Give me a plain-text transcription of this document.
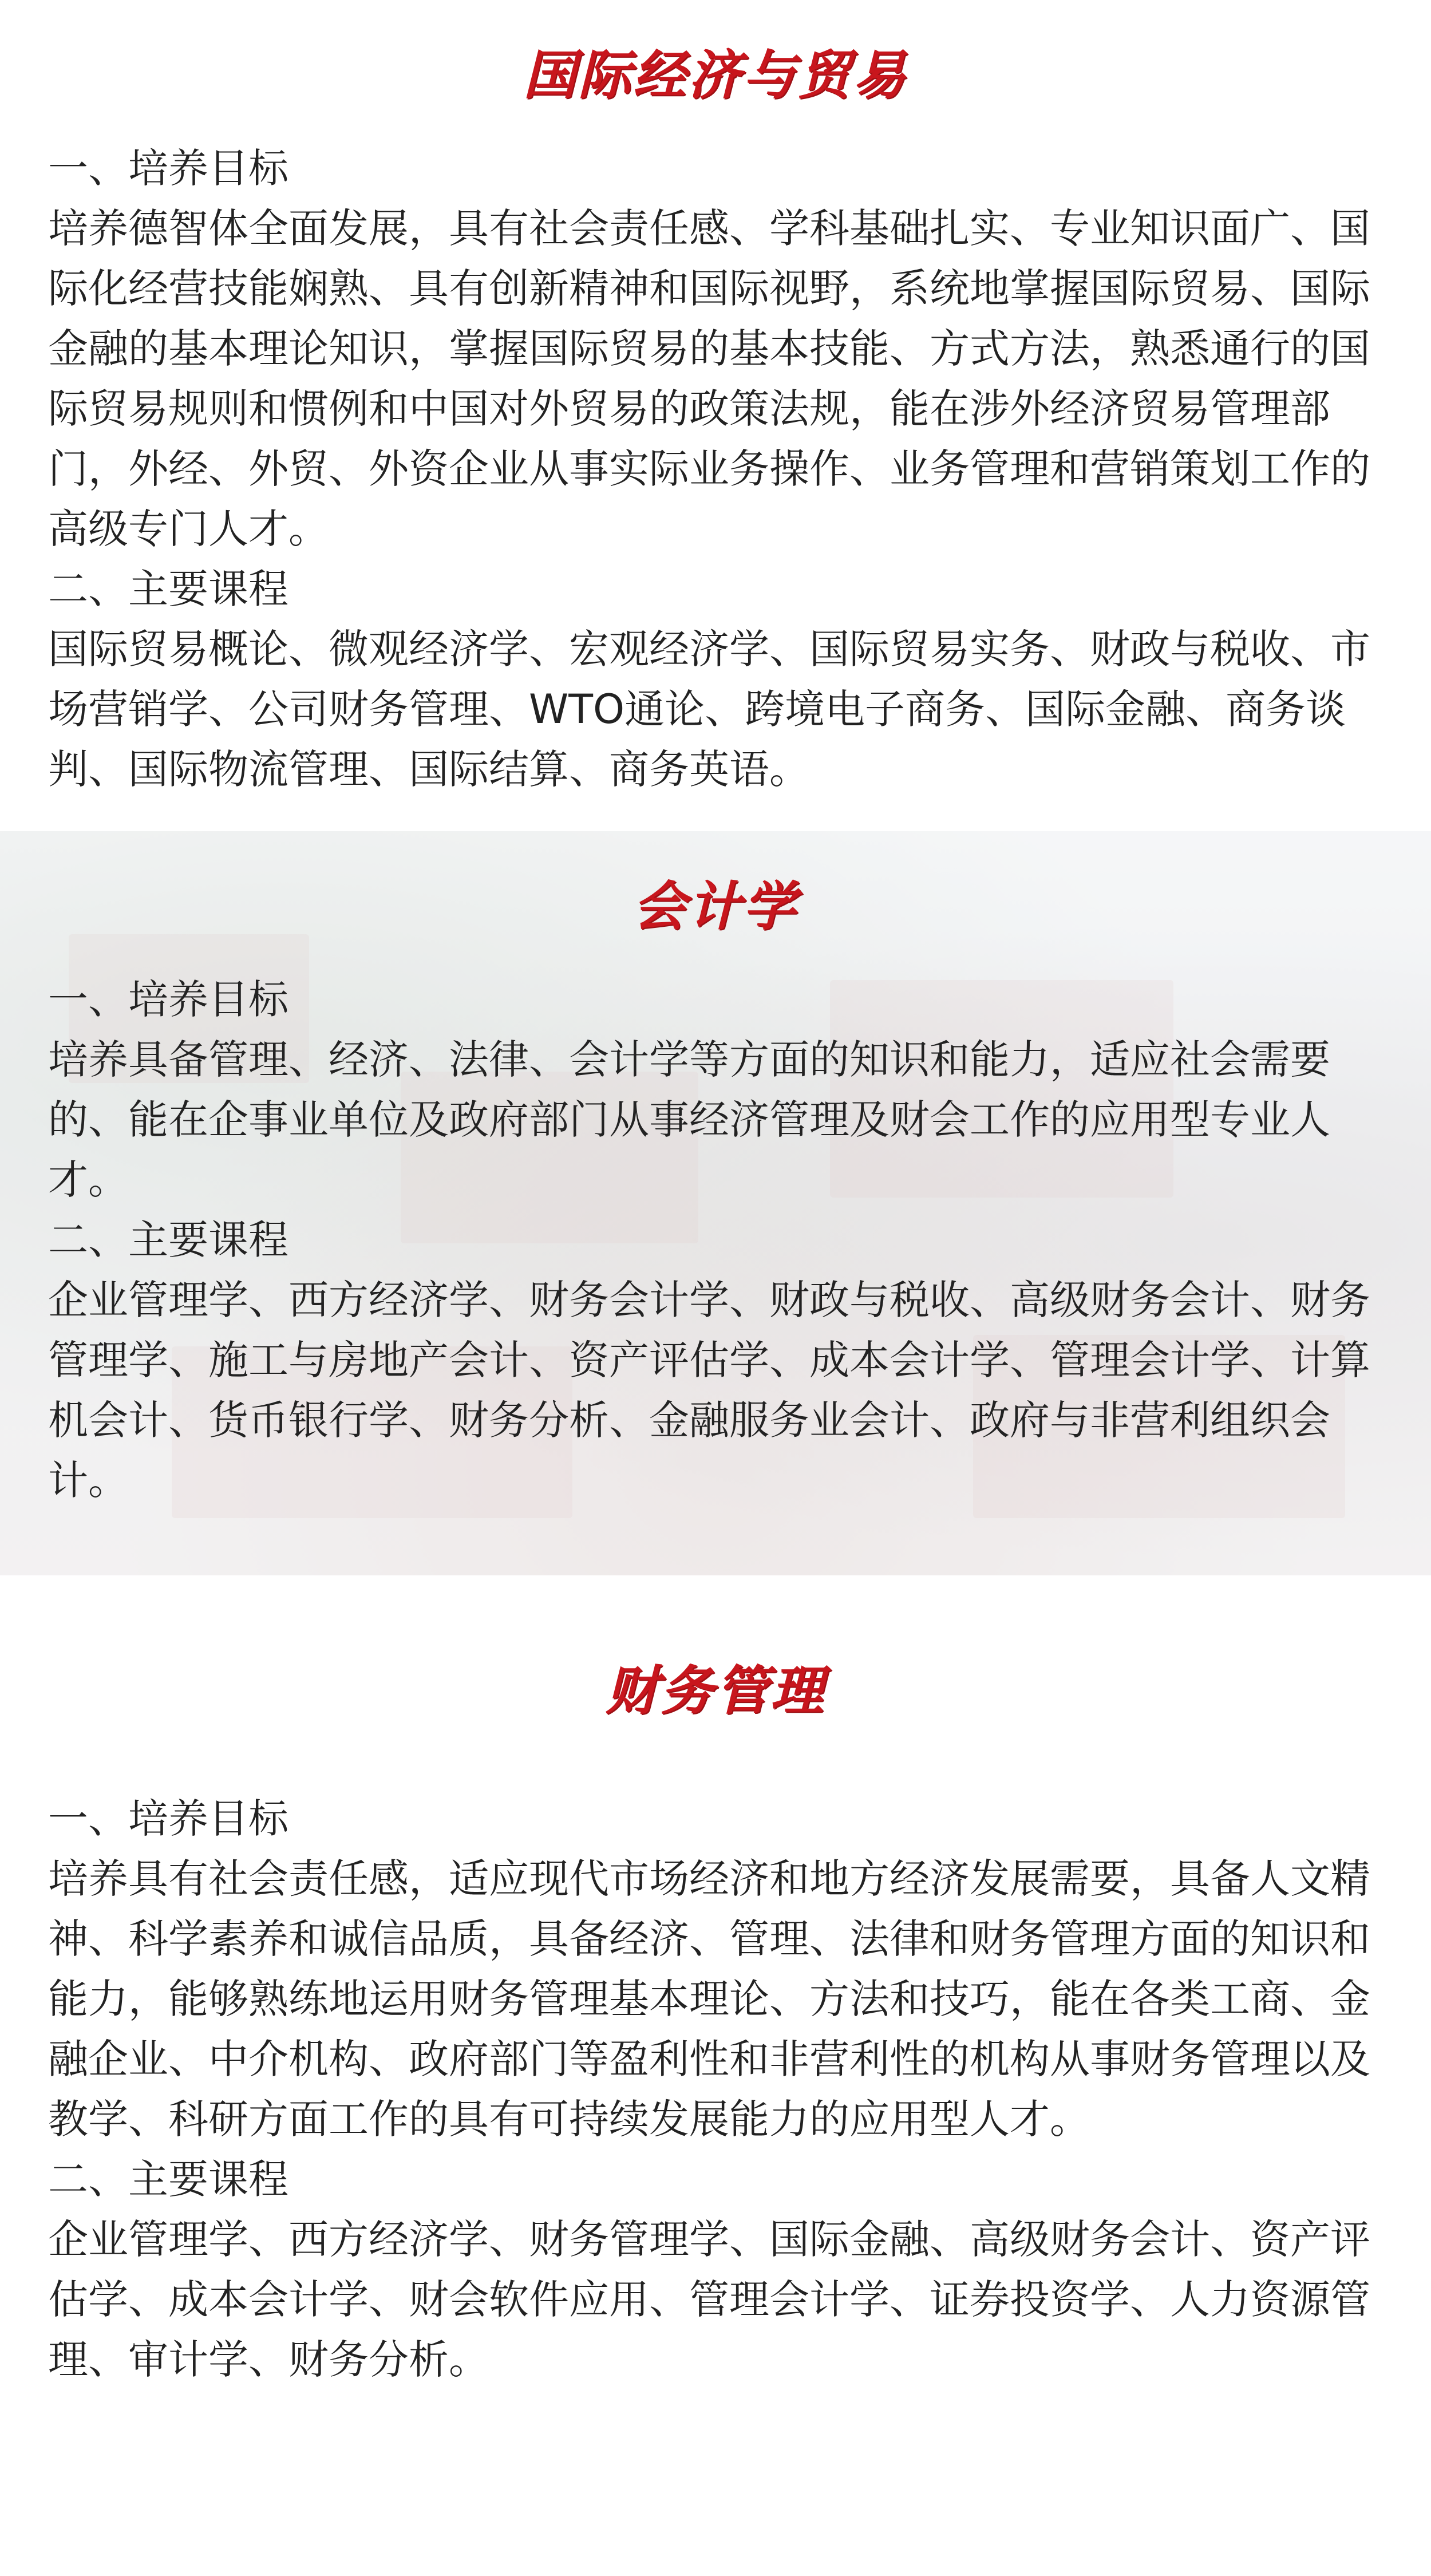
国际经济与贸易

一、培养目标

培养德智体全面发展，具有社会责任感、学科基础扎实、专业知识面广、国际化经营技能娴熟、具有创新精神和国际视野，系统地掌握国际贸易、国际金融的基本理论知识，掌握国际贸易的基本技能、方式方法，熟悉通行的国际贸易规则和惯例和中国对外贸易的政策法规，能在涉外经济贸易管理部门，外经、外贸、外资企业从事实际业务操作、业务管理和营销策划工作的高级专门人才。

二、主要课程

国际贸易概论、微观经济学、宏观经济学、国际贸易实务、财政与税收、市场营销学、公司财务管理、WTO通论、跨境电子商务、国际金融、商务谈判、国际物流管理、国际结算、商务英语。

会计学

一、培养目标

培养具备管理、经济、法律、会计学等方面的知识和能力，适应社会需要的、能在企事业单位及政府部门从事经济管理及财会工作的应用型专业人才。

二、主要课程

企业管理学、西方经济学、财务会计学、财政与税收、高级财务会计、财务管理学、施工与房地产会计、资产评估学、成本会计学、管理会计学、计算机会计、货币银行学、财务分析、金融服务业会计、政府与非营利组织会计。

财务管理

一、培养目标

培养具有社会责任感，适应现代市场经济和地方经济发展需要，具备人文精神、科学素养和诚信品质，具备经济、管理、法律和财务管理方面的知识和能力，能够熟练地运用财务管理基本理论、方法和技巧，能在各类工商、金融企业、中介机构、政府部门等盈利性和非营利性的机构从事财务管理以及教学、科研方面工作的具有可持续发展能力的应用型人才。

二、主要课程

企业管理学、西方经济学、财务管理学、国际金融、高级财务会计、资产评估学、成本会计学、财会软件应用、管理会计学、证券投资学、人力资源管理、审计学、财务分析。
